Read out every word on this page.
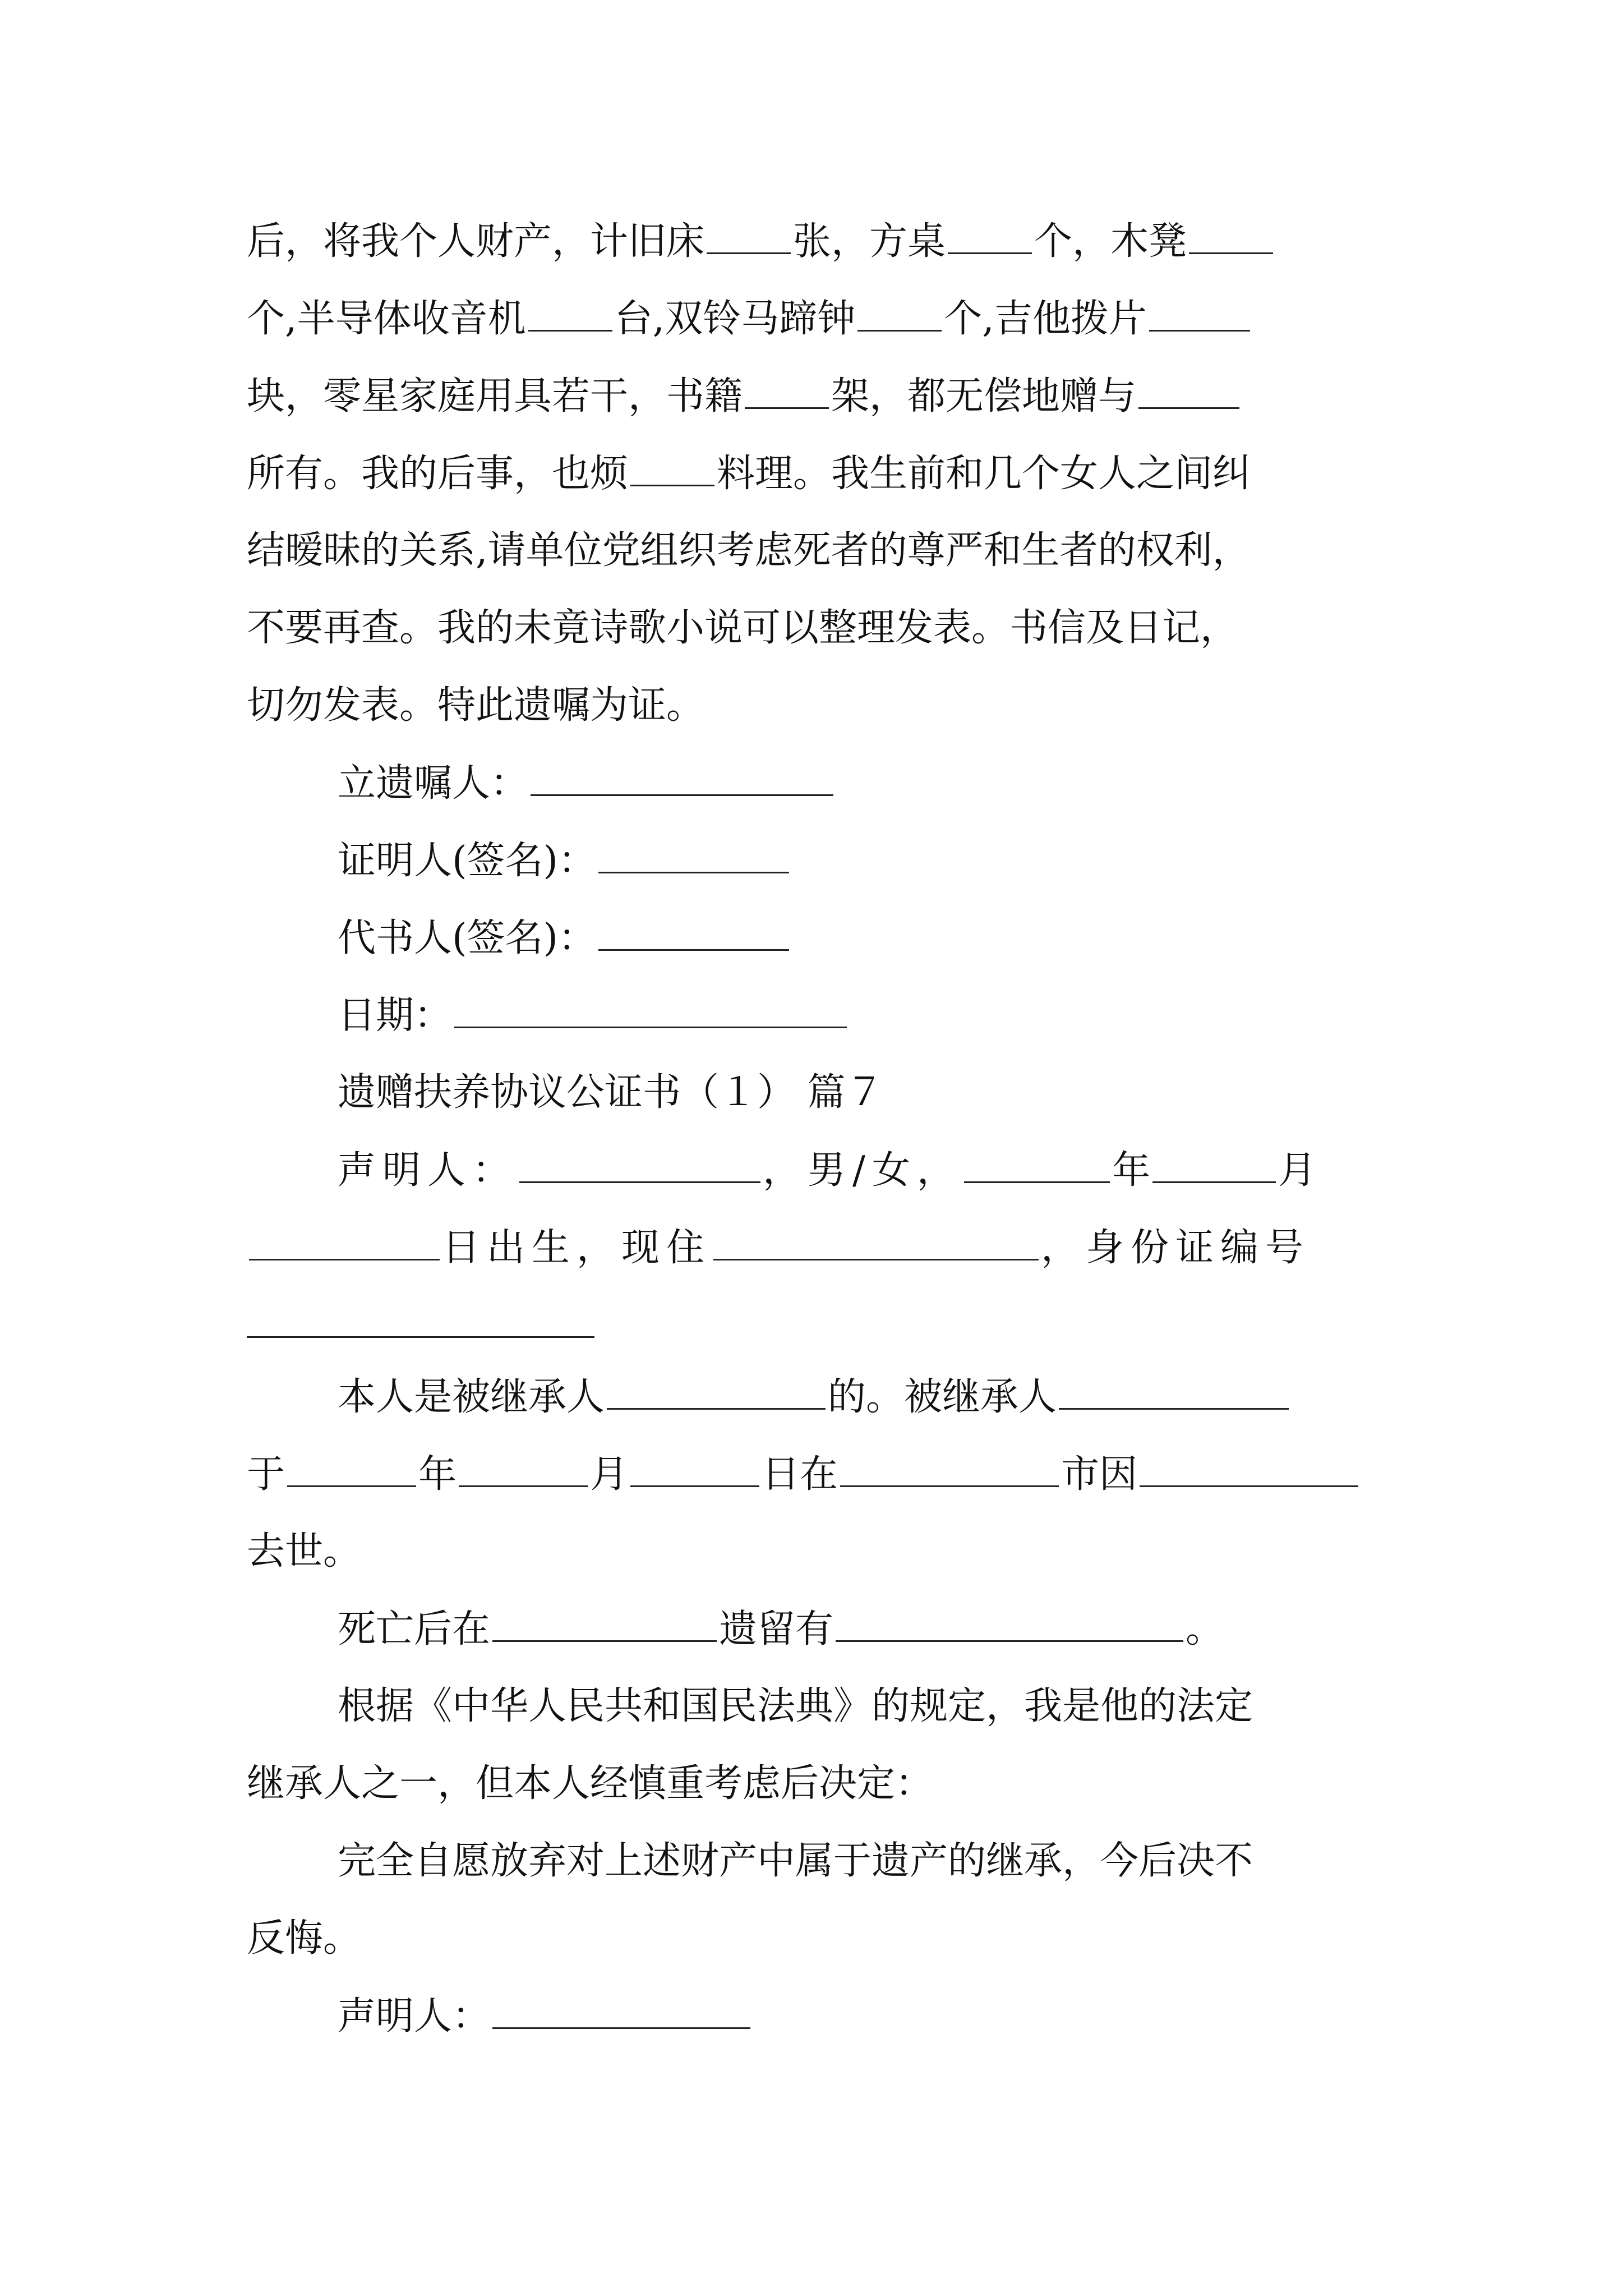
后，将我个人财产，计旧床 张，方桌 个，木凳
个,半导体收音机 台,双铃马蹄钟 个,吉他拨片
块，零星家庭用具若干，书籍 架，都无偿地赠与
所有。我的后事，也烦 料理。我生前和几个女人之间纠
结暧昧的关系,请单位党组织考虑死者的尊严和生者的权利，
不要再查。我的未竟诗歌小说可以整理发表。书信及日记，
切勿发表。特此遗嘱为证。
立遗嘱人：
证明人(签名)：
代书人(签名)：
日期：
遗赠扶养协议公证书（１） 篇７
声明人：	，男/女，	年	月
日出生，现住	，身份证编号
本人是被继承人	的。被继承人
于	年	月	日在	市因
去世。
死亡后在	遗留有	。
根据《中华人民共和国民法典》的规定，我是他的法定
继承人之一，但本人经慎重考虑后决定：
完全自愿放弃对上述财产中属于遗产的继承，今后决不
反悔。
声明人：
